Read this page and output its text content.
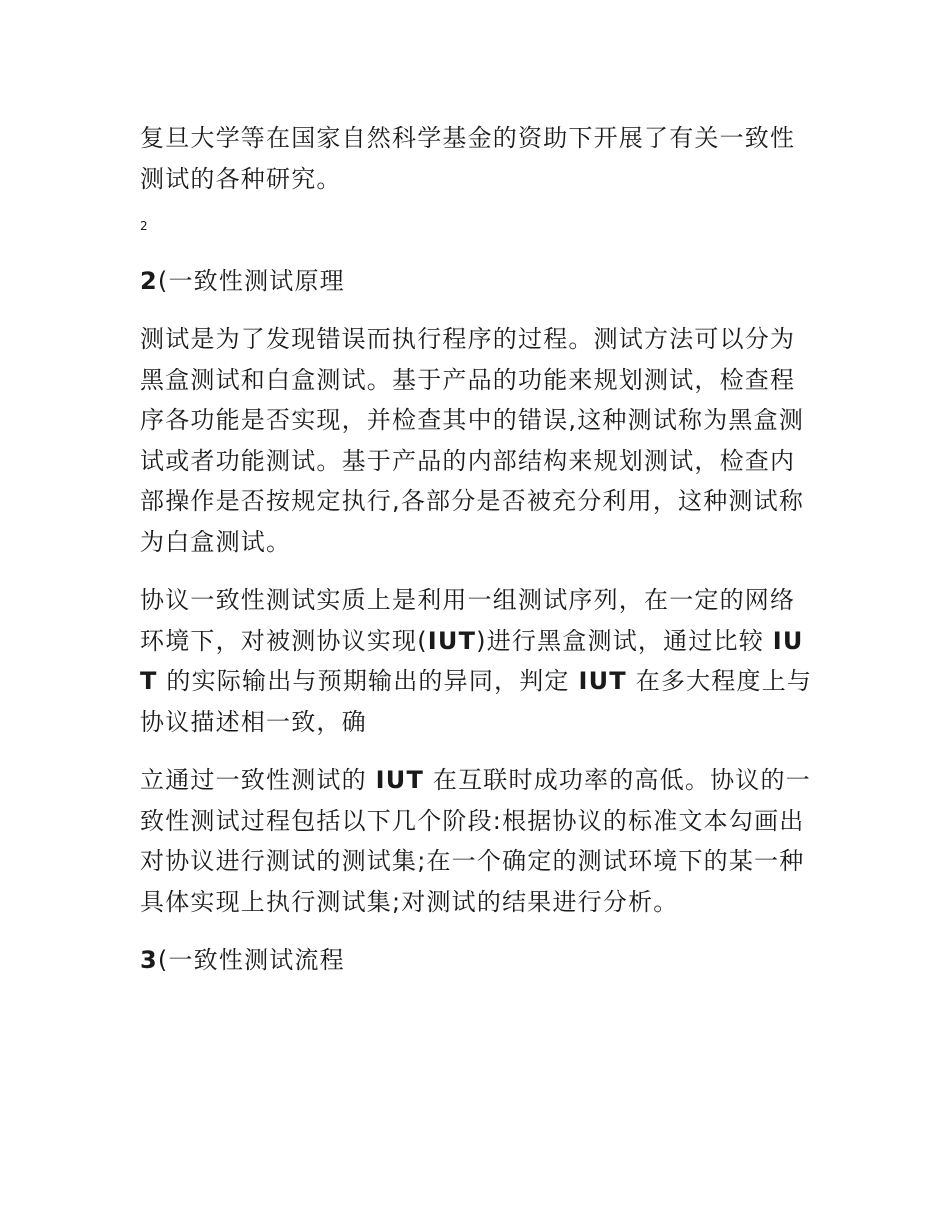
复旦大学等在国家自然科学基金的资助下开展了有关一致性测试的各种研究。

2

2(一致性测试原理

测试是为了发现错误而执行程序的过程。测试方法可以分为黑盒测试和白盒测试。基于产品的功能来规划测试，检查程序各功能是否实现，并检查其中的错误,这种测试称为黑盒测试或者功能测试。基于产品的内部结构来规划测试，检查内部操作是否按规定执行,各部分是否被充分利用，这种测试称为白盒测试。

协议一致性测试实质上是利用一组测试序列，在一定的网络环境下，对被测协议实现(IUT)进行黑盒测试，通过比较 IUT 的实际输出与预期输出的异同，判定 IUT 在多大程度上与协议描述相一致，确

立通过一致性测试的 IUT 在互联时成功率的高低。协议的一致性测试过程包括以下几个阶段:根据协议的标准文本勾画出对协议进行测试的测试集;在一个确定的测试环境下的某一种具体实现上执行测试集;对测试的结果进行分析。

3(一致性测试流程
